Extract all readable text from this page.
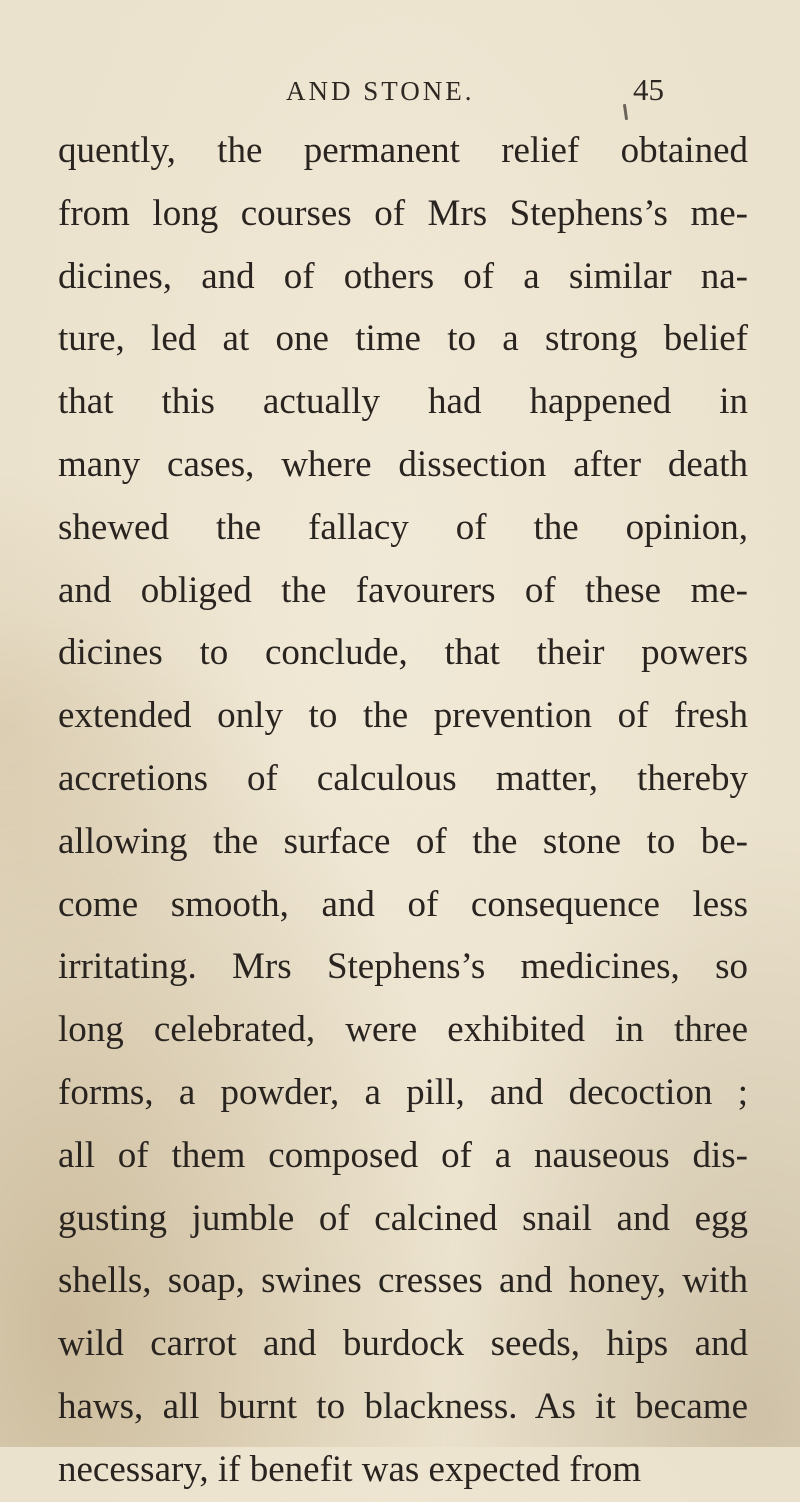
AND STONE.	45
quently, the permanent relief obtained
from long courses of Mrs Stephens’s me-
dicines, and of others of a similar na-
ture, led at one time to a strong belief
that this actually had happened in
many cases, where dissection after death
shewed the fallacy of the opinion,
and obliged the favourers of these me-
dicines to conclude, that their powers
extended only to the prevention of fresh
accretions of calculous matter, thereby
allowing the surface of the stone to be-
come smooth, and of consequence less
irritating. Mrs Stephens’s medicines, so
long celebrated, were exhibited in three
forms, a powder, a pill, and decoction ;
all of them composed of a nauseous dis-
gusting jumble of calcined snail and egg
shells, soap, swines cresses and honey, with
wild carrot and burdock seeds, hips and
haws, all burnt to blackness. As it became
necessary, if benefit was expected from
